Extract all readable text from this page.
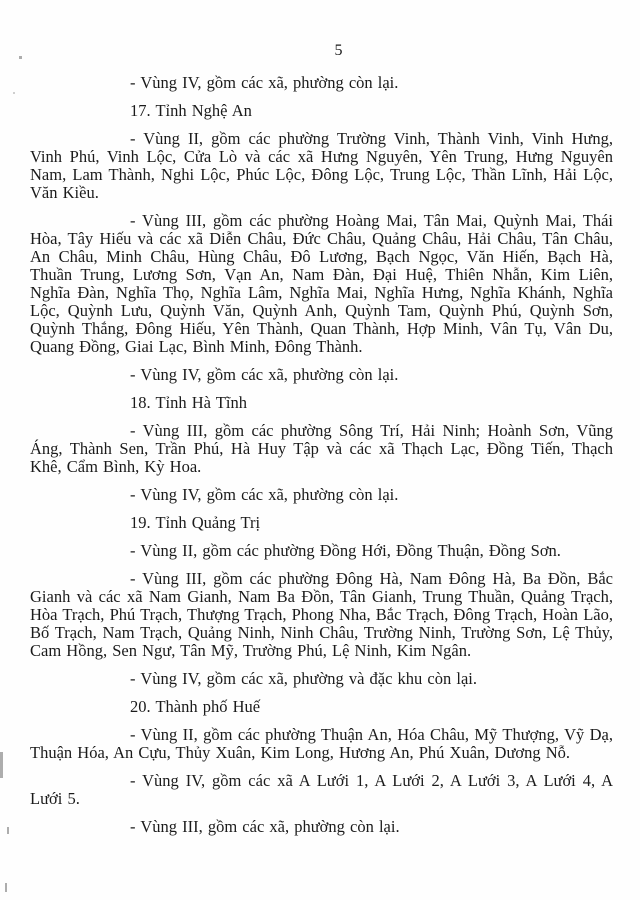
5

- Vùng IV, gồm các xã, phường còn lại.

17. Tỉnh Nghệ An

- Vùng II, gồm các phường Trường Vinh, Thành Vinh, Vinh Hưng, Vinh Phú, Vinh Lộc, Cửa Lò và các xã Hưng Nguyên, Yên Trung, Hưng Nguyên Nam, Lam Thành, Nghi Lộc, Phúc Lộc, Đông Lộc, Trung Lộc, Thần Lĩnh, Hải Lộc, Văn Kiều.

- Vùng III, gồm các phường Hoàng Mai, Tân Mai, Quỳnh Mai, Thái Hòa, Tây Hiếu và các xã Diễn Châu, Đức Châu, Quảng Châu, Hải Châu, Tân Châu, An Châu, Minh Châu, Hùng Châu, Đô Lương, Bạch Ngọc, Văn Hiến, Bạch Hà, Thuần Trung, Lương Sơn, Vạn An, Nam Đàn, Đại Huệ, Thiên Nhẫn, Kim Liên, Nghĩa Đàn, Nghĩa Thọ, Nghĩa Lâm, Nghĩa Mai, Nghĩa Hưng, Nghĩa Khánh, Nghĩa Lộc, Quỳnh Lưu, Quỳnh Văn, Quỳnh Anh, Quỳnh Tam, Quỳnh Phú, Quỳnh Sơn, Quỳnh Thắng, Đông Hiếu, Yên Thành, Quan Thành, Hợp Minh, Vân Tụ, Vân Du, Quang Đồng, Giai Lạc, Bình Minh, Đông Thành.

- Vùng IV, gồm các xã, phường còn lại.

18. Tỉnh Hà Tĩnh

- Vùng III, gồm các phường Sông Trí, Hải Ninh; Hoành Sơn, Vũng Áng, Thành Sen, Trần Phú, Hà Huy Tập và các xã Thạch Lạc, Đồng Tiến, Thạch Khê, Cẩm Bình, Kỳ Hoa.

- Vùng IV, gồm các xã, phường còn lại.

19. Tỉnh Quảng Trị

- Vùng II, gồm các phường Đồng Hới, Đồng Thuận, Đồng Sơn.

- Vùng III, gồm các phường Đông Hà, Nam Đông Hà, Ba Đồn, Bắc Gianh và các xã Nam Gianh, Nam Ba Đồn, Tân Gianh, Trung Thuần, Quảng Trạch, Hòa Trạch, Phú Trạch, Thượng Trạch, Phong Nha, Bắc Trạch, Đông Trạch, Hoàn Lão, Bố Trạch, Nam Trạch, Quảng Ninh, Ninh Châu, Trường Ninh, Trường Sơn, Lệ Thủy, Cam Hồng, Sen Ngư, Tân Mỹ, Trường Phú, Lệ Ninh, Kim Ngân.

- Vùng IV, gồm các xã, phường và đặc khu còn lại.

20. Thành phố Huế

- Vùng II, gồm các phường Thuận An, Hóa Châu, Mỹ Thượng, Vỹ Dạ, Thuận Hóa, An Cựu, Thủy Xuân, Kim Long, Hương An, Phú Xuân, Dương Nỗ.

- Vùng IV, gồm các xã A Lưới 1, A Lưới 2, A Lưới 3, A Lưới 4, A Lưới 5.

- Vùng III, gồm các xã, phường còn lại.
